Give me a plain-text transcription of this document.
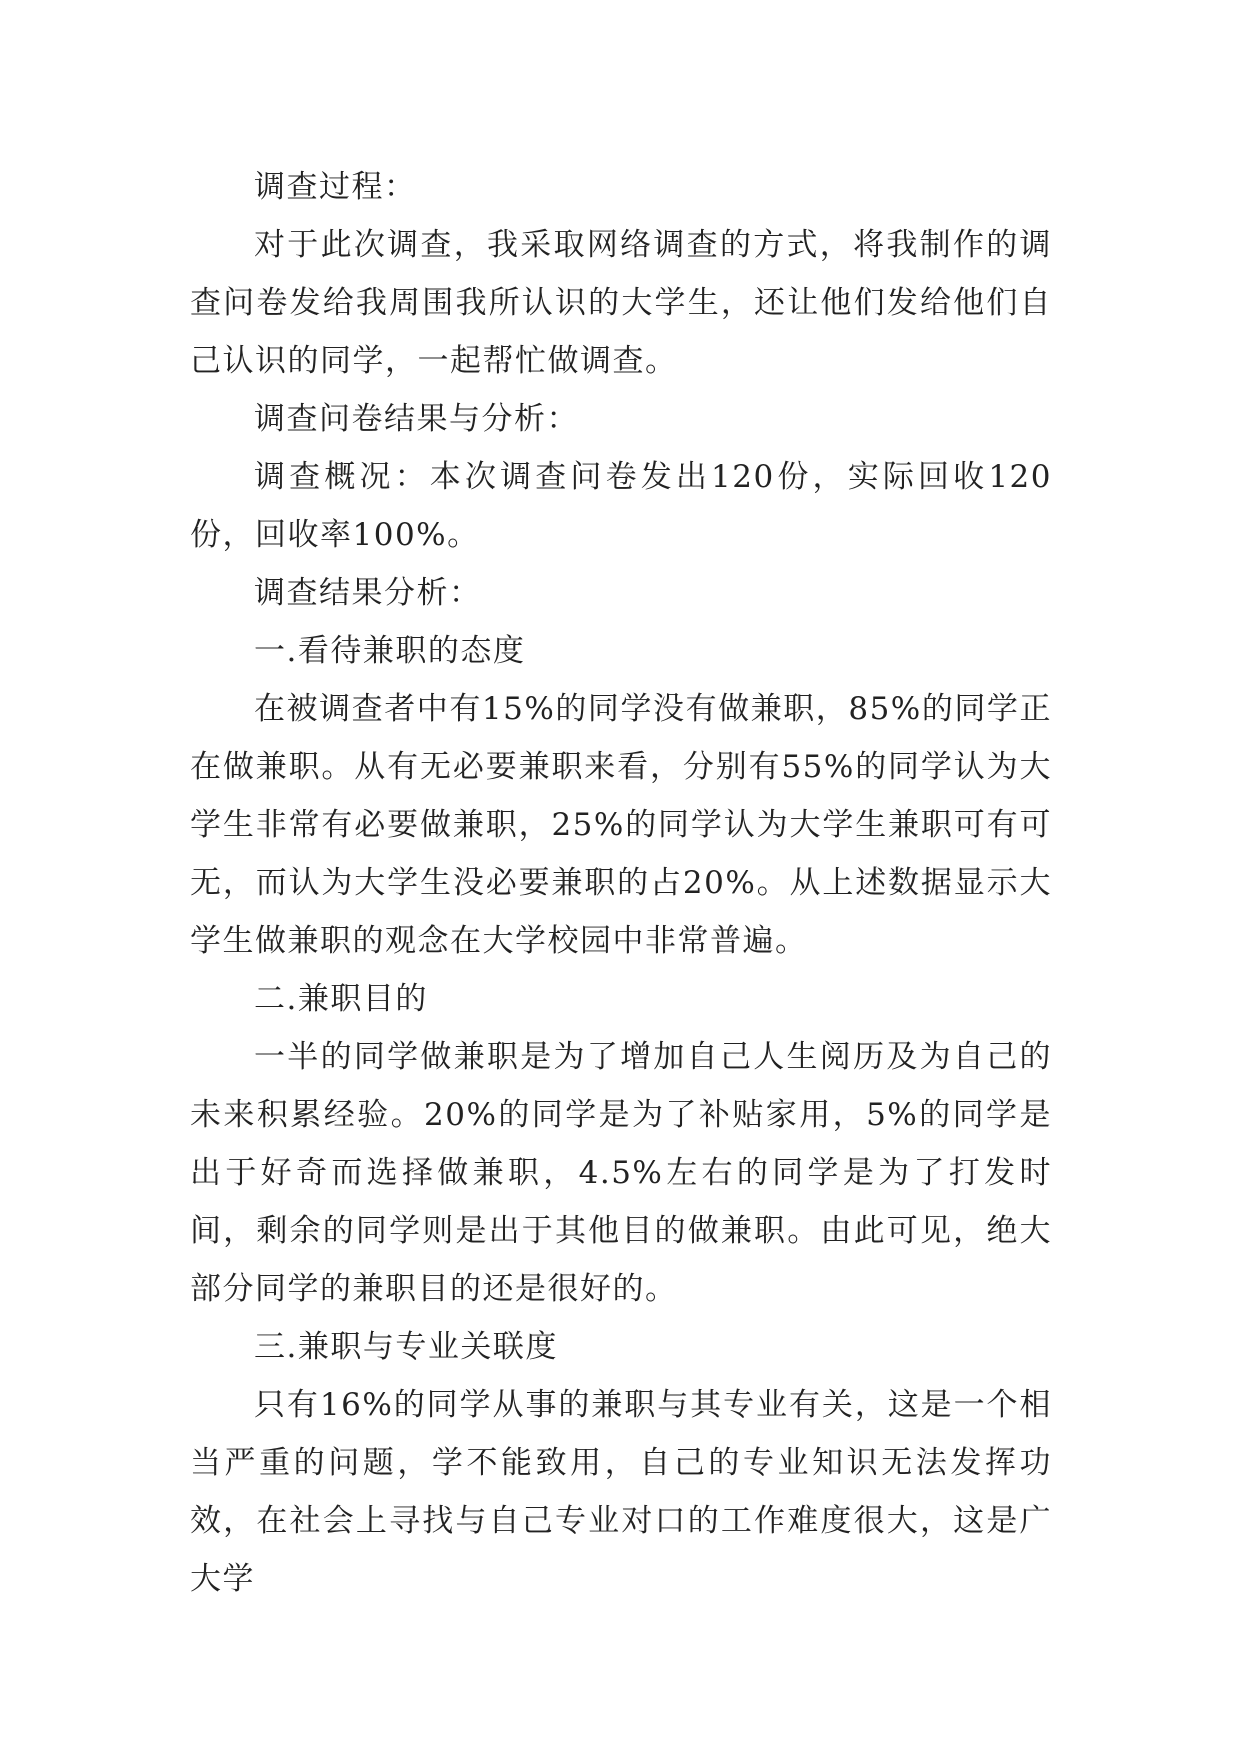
调查过程：

对于此次调查，我采取网络调查的方式，将我制作的调查问卷发给我周围我所认识的大学生，还让他们发给他们自己认识的同学，一起帮忙做调查。

调查问卷结果与分析：

调查概况：本次调查问卷发出120份，实际回收120份，回收率100%。

调查结果分析：

一.看待兼职的态度

在被调查者中有15%的同学没有做兼职，85%的同学正在做兼职。从有无必要兼职来看，分别有55%的同学认为大学生非常有必要做兼职，25%的同学认为大学生兼职可有可无，而认为大学生没必要兼职的占20%。从上述数据显示大学生做兼职的观念在大学校园中非常普遍。

二.兼职目的

一半的同学做兼职是为了增加自己人生阅历及为自己的未来积累经验。20%的同学是为了补贴家用，5%的同学是出于好奇而选择做兼职，4.5%左右的同学是为了打发时间，剩余的同学则是出于其他目的做兼职。由此可见，绝大部分同学的兼职目的还是很好的。

三.兼职与专业关联度

只有16%的同学从事的兼职与其专业有关，这是一个相当严重的问题，学不能致用，自己的专业知识无法发挥功效，在社会上寻找与自己专业对口的工作难度很大，这是广大学
